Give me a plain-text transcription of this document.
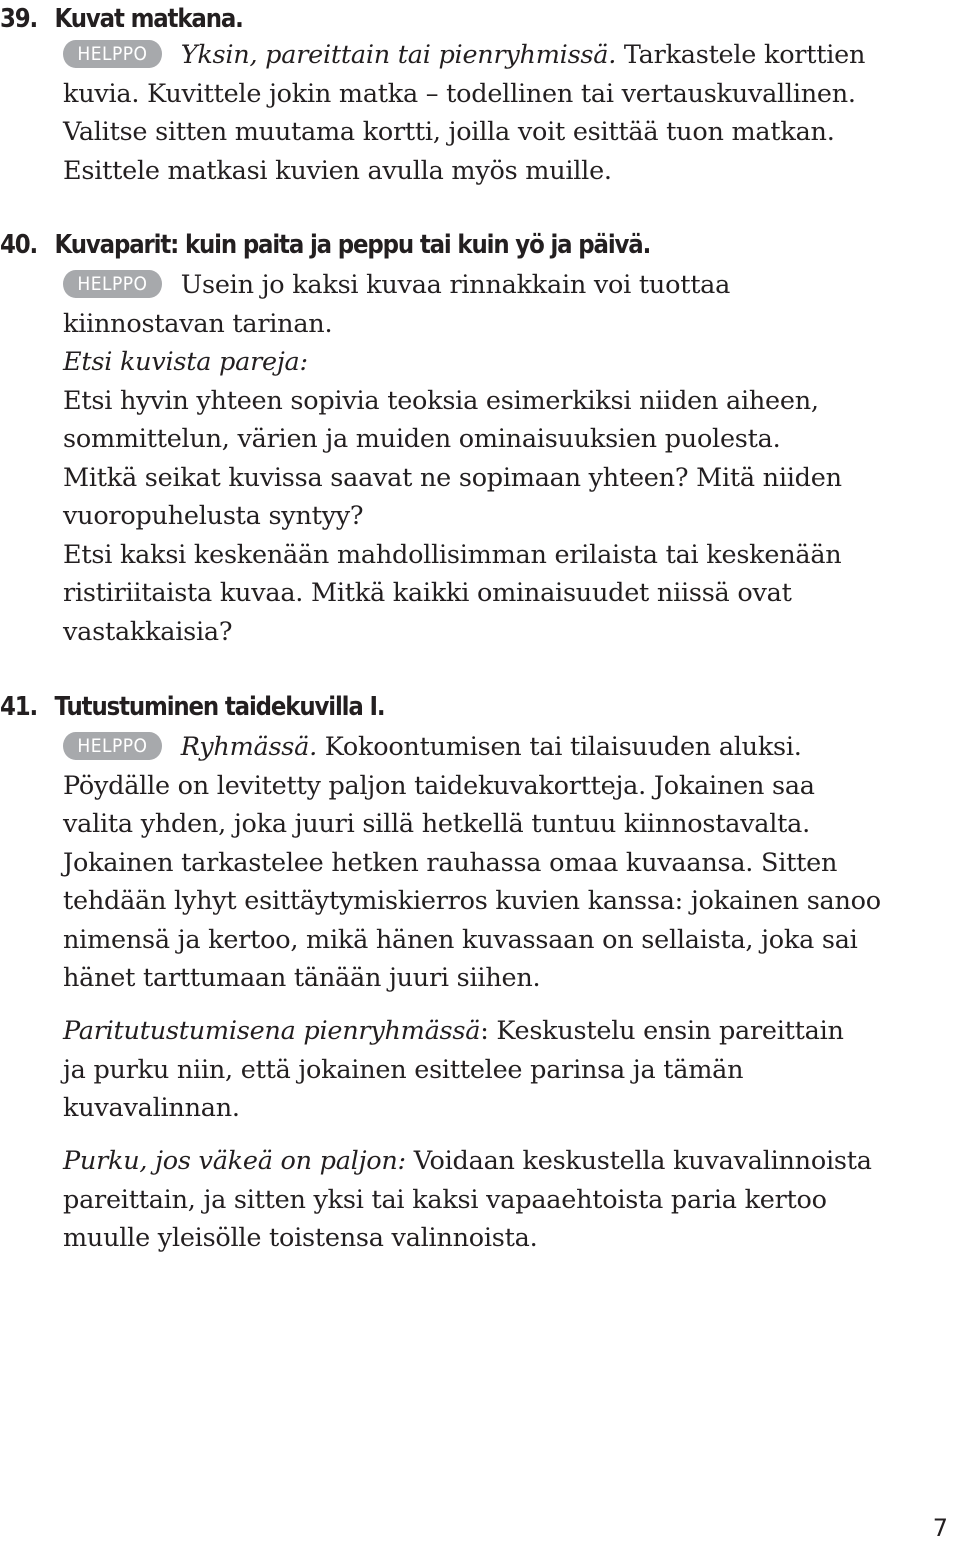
39. Kuvat matkana.
HELPPO Yksin, pareittain tai pienryhmissä. Tarkastele korttien
kuvia. Kuvittele jokin matka – todellinen tai vertauskuvallinen.
Valitse sitten muutama kortti, joilla voit esittää tuon matkan.
Esittele matkasi kuvien avulla myös muille.
40. Kuvaparit: kuin paita ja peppu tai kuin yö ja päivä.
HELPPO Usein jo kaksi kuvaa rinnakkain voi tuottaa
kiinnostavan tarinan.
Etsi kuvista pareja:
Etsi hyvin yhteen sopivia teoksia esimerkiksi niiden aiheen,
sommittelun, värien ja muiden ominaisuuksien puolesta.
Mitkä seikat kuvissa saavat ne sopimaan yhteen? Mitä niiden
vuoropuhelusta syntyy?
Etsi kaksi keskenään mahdollisimman erilaista tai keskenään
ristiriitaista kuvaa. Mitkä kaikki ominaisuudet niissä ovat
vastakkaisia?
41. Tutustuminen taidekuvilla I.
HELPPO Ryhmässä. Kokoontumisen tai tilaisuuden aluksi.
Pöydälle on levitetty paljon taidekuvakortteja. Jokainen saa
valita yhden, joka juuri sillä hetkellä tuntuu kiinnostavalta.
Jokainen tarkastelee hetken rauhassa omaa kuvaansa. Sitten
tehdään lyhyt esittäytymiskierros kuvien kanssa: jokainen sanoo
nimensä ja kertoo, mikä hänen kuvassaan on sellaista, joka sai
hänet tarttumaan tänään juuri siihen.
Paritutustumisena pienryhmässä: Keskustelu ensin pareittain
ja purku niin, että jokainen esittelee parinsa ja tämän
kuvavalinnan.
Purku, jos väkeä on paljon: Voidaan keskustella kuvavalinnoista
pareittain, ja sitten yksi tai kaksi vapaaehtoista paria kertoo
muulle yleisölle toistensa valinnoista.
7
